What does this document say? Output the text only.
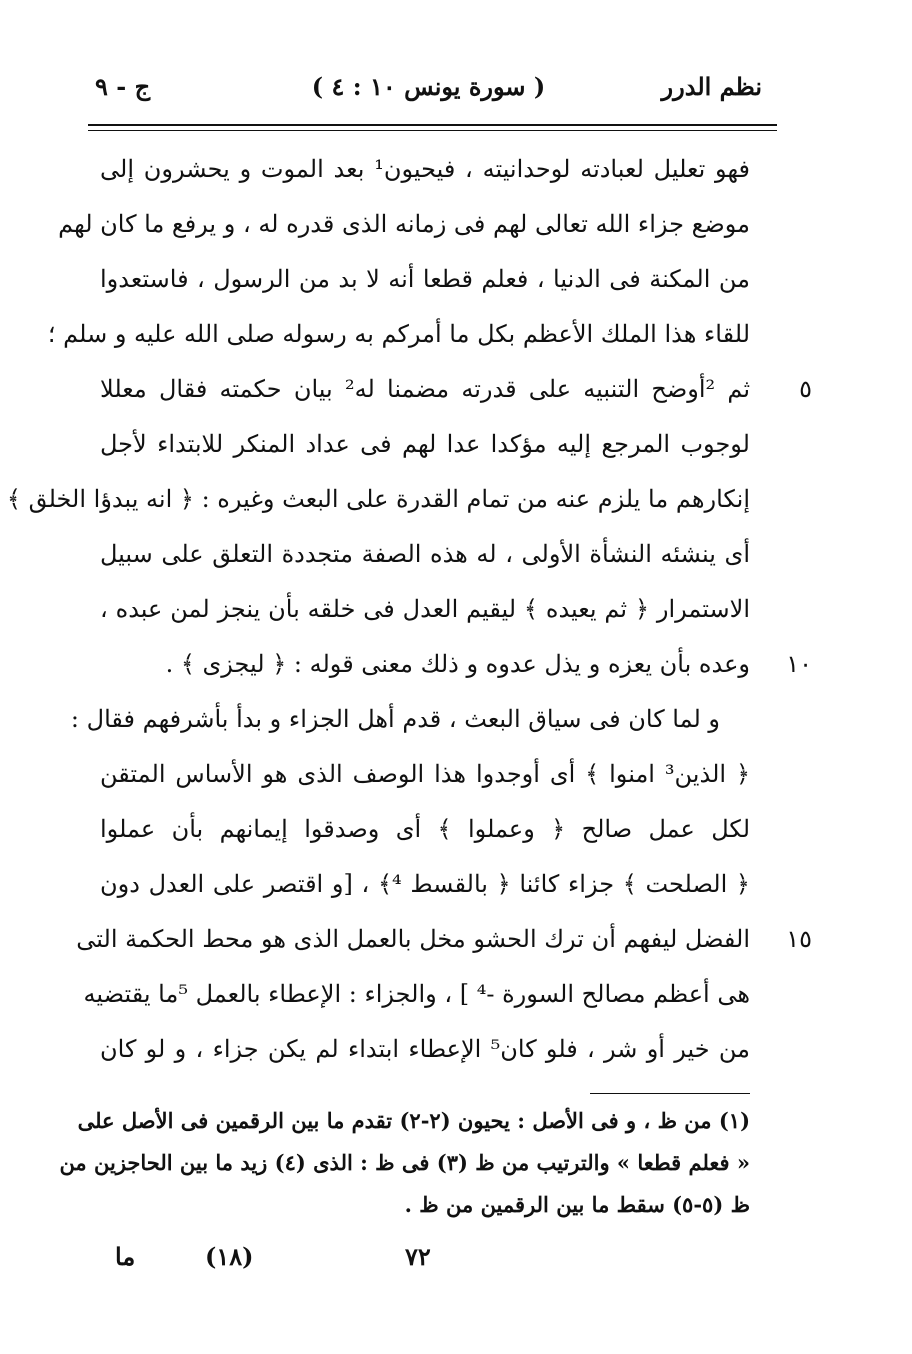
نظم الدرر
( سورة يونس ١٠ : ٤ )
ج - ٩
فهو تعليل لعبادته لوحدانيته ، فيحيون¹ بعد الموت و يحشرون إلى
موضع جزاء الله تعالى لهم فى زمانه الذى قدره له ، و يرفع ما كان لهم
من المكنة فى الدنيا ، فعلم قطعا أنه لا بد من الرسول ، فاستعدوا
للقاء هذا الملك الأعظم بكل ما أمركم به رسوله صلى الله عليه و سلم ؛
ثم ²أوضح التنبيه على قدرته مضمنا له² بيان حكمته فقال معللا ٥
لوجوب المرجع إليه مؤكدا عدا لهم فى عداد المنكر للابتداء لأجل
إنكارهم ما يلزم عنه من تمام القدرة على البعث وغيره : ﴿ انه يبدؤا الخلق ﴾
أى ينشئه النشأة الأولى ، له هذه الصفة متجددة التعلق على سبيل
الاستمرار ﴿ ثم يعيده ﴾ ليقيم العدل فى خلقه بأن ينجز لمن عبده ،
وعده بأن يعزه و يذل عدوه و ذلك معنى قوله : ﴿ ليجزى ﴾ . ١٠
و لما كان فى سياق البعث ، قدم أهل الجزاء و بدأ بأشرفهم فقال :
﴿ الذين³ امنوا ﴾ أى أوجدوا هذا الوصف الذى هو الأساس المتقن
لكل عمل صالح ﴿ وعملوا ﴾ أى وصدقوا إيمانهم بأن عملوا
﴿ الصلحت ﴾ جزاء كائنا ﴿ بالقسط ⁴﴾ ، [و اقتصر على العدل دون
الفضل ليفهم أن ترك الحشو مخل بالعمل الذى هو محط الحكمة التى ١٥
هى أعظم مصالح السورة -⁴ ] ، والجزاء : الإعطاء بالعمل ⁵ما يقتضيه
من خير أو شر ، فلو كان⁵ الإعطاء ابتداء لم يكن جزاء ، و لو كان
(١) من ظ ، و فى الأصل : يحيون (٢-٢) تقدم ما بين الرقمين فى الأصل على
« فعلم قطعا » والترتيب من ظ (٣) فى ظ : الذى (٤) زيد ما بين الحاجزين من
ظ (٥-٥) سقط ما بين الرقمين من ظ .
ما	(١٨)	٧٢
